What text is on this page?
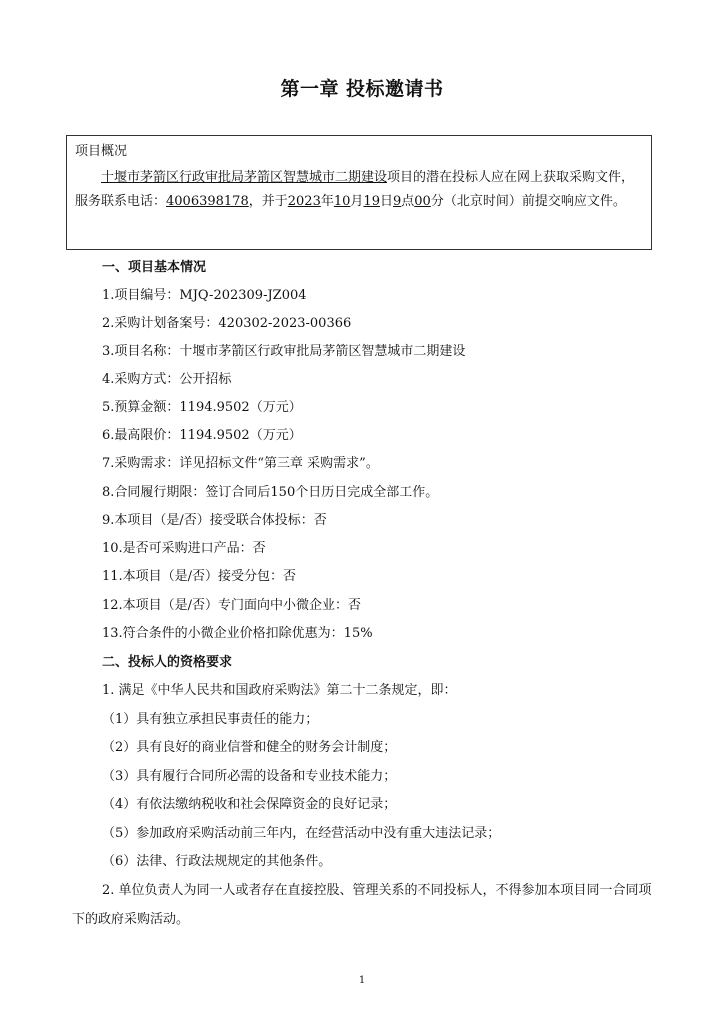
第一章 投标邀请书
项目概况
十堰市茅箭区行政审批局茅箭区智慧城市二期建设项目的潜在投标人应在网上获取采购文件，服务联系电话：4006398178，并于2023年10月19日9点00分（北京时间）前提交响应文件。
一、项目基本情况
1.项目编号：MJQ-202309-JZ004
2.采购计划备案号：420302-2023-00366
3.项目名称：十堰市茅箭区行政审批局茅箭区智慧城市二期建设
4.采购方式：公开招标
5.预算金额：1194.9502（万元）
6.最高限价：1194.9502（万元）
7.采购需求：详见招标文件“第三章 采购需求”。
8.合同履行期限：签订合同后150个日历日完成全部工作。
9.本项目（是/否）接受联合体投标：否
10.是否可采购进口产品：否
11.本项目（是/否）接受分包：否
12.本项目（是/否）专门面向中小微企业：否
13.符合条件的小微企业价格扣除优惠为：15%
二、投标人的资格要求
1. 满足《中华人民共和国政府采购法》第二十二条规定，即：
（1）具有独立承担民事责任的能力；
（2）具有良好的商业信誉和健全的财务会计制度；
（3）具有履行合同所必需的设备和专业技术能力；
（4）有依法缴纳税收和社会保障资金的良好记录；
（5）参加政府采购活动前三年内，在经营活动中没有重大违法记录；
（6）法律、行政法规规定的其他条件。
2. 单位负责人为同一人或者存在直接控股、管理关系的不同投标人，不得参加本项目同一合同项下的政府采购活动。
1
